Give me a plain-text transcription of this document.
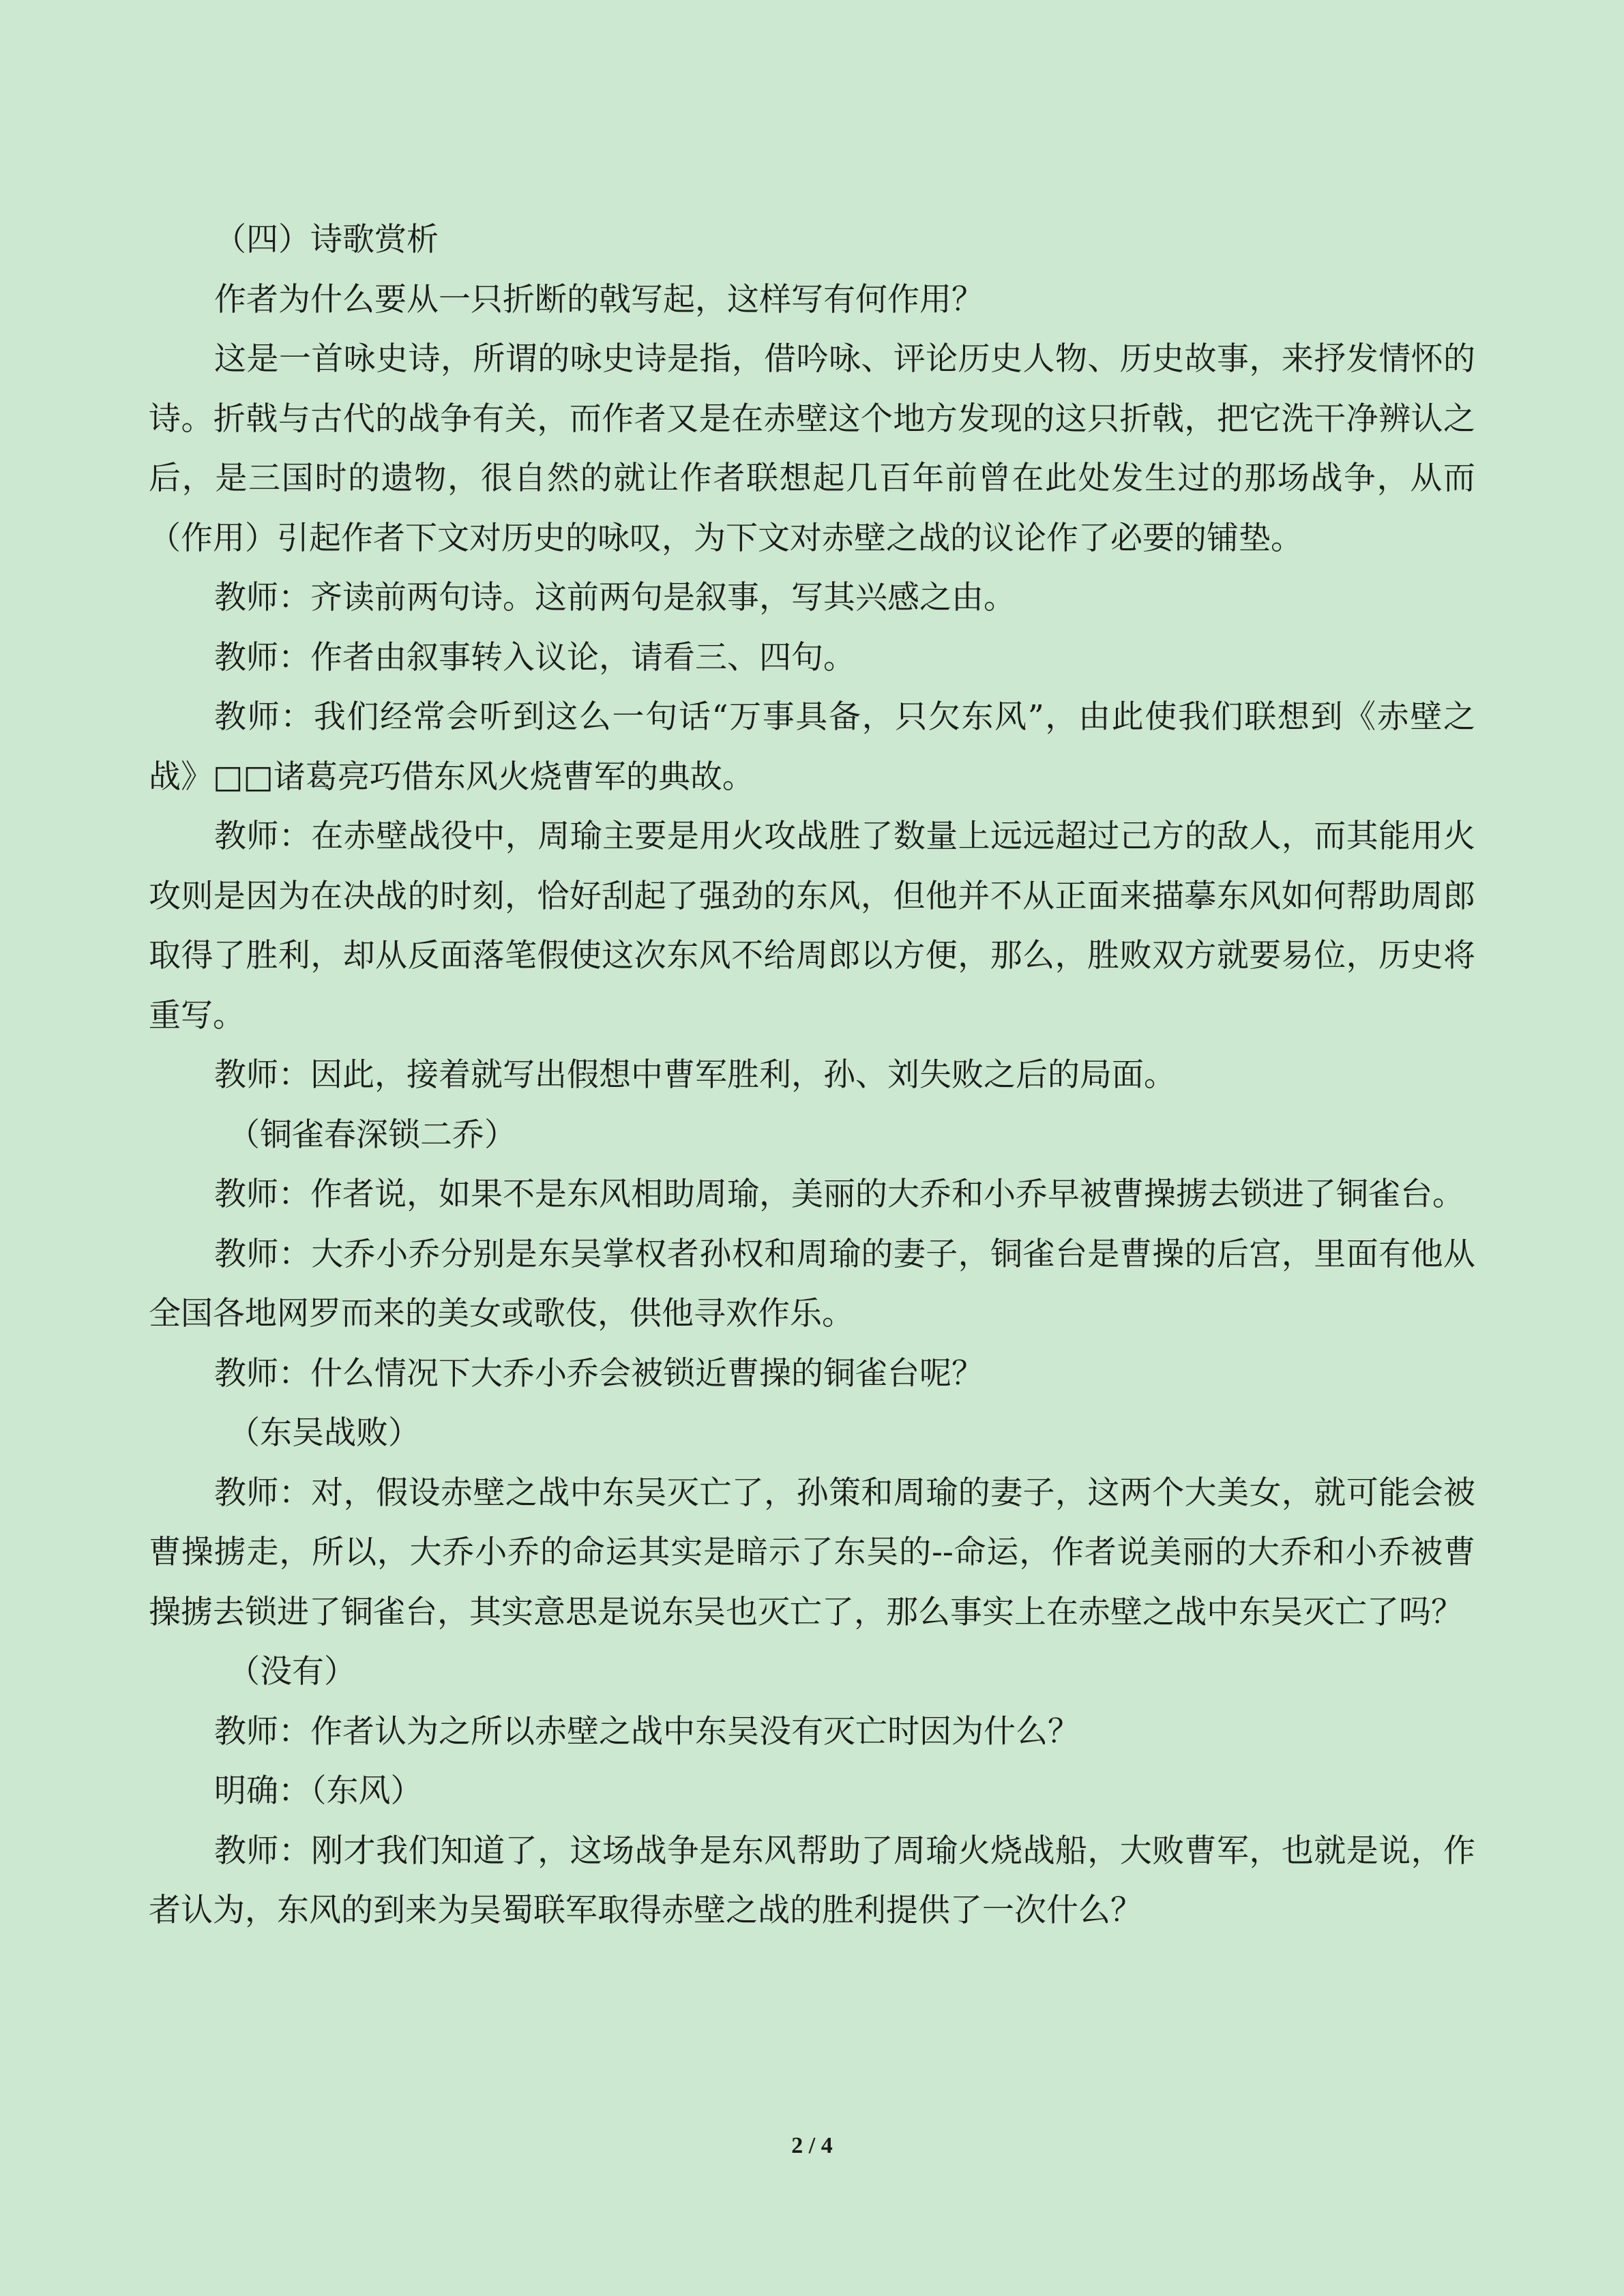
（四）诗歌赏析

作者为什么要从一只折断的戟写起，这样写有何作用？

这是一首咏史诗，所谓的咏史诗是指，借吟咏、评论历史人物、历史故事，来抒发情怀的诗。折戟与古代的战争有关，而作者又是在赤壁这个地方发现的这只折戟，把它洗干净辨认之后，是三国时的遗物，很自然的就让作者联想起几百年前曾在此处发生过的那场战争，从而（作用）引起作者下文对历史的咏叹，为下文对赤壁之战的议论作了必要的铺垫。

教师：齐读前两句诗。这前两句是叙事，写其兴感之由。

教师：作者由叙事转入议论，请看三、四句。

教师：我们经常会听到这么一句话“万事具备，只欠东风”，由此使我们联想到《赤壁之战》□□诸葛亮巧借东风火烧曹军的典故。

教师：在赤壁战役中，周瑜主要是用火攻战胜了数量上远远超过己方的敌人，而其能用火攻则是因为在决战的时刻，恰好刮起了强劲的东风，但他并不从正面来描摹东风如何帮助周郎取得了胜利，却从反面落笔假使这次东风不给周郎以方便，那么，胜败双方就要易位，历史将重写。

教师：因此，接着就写出假想中曹军胜利，孙、刘失败之后的局面。

（铜雀春深锁二乔）

教师：作者说，如果不是东风相助周瑜，美丽的大乔和小乔早被曹操掳去锁进了铜雀台。

教师：大乔小乔分别是东吴掌权者孙权和周瑜的妻子，铜雀台是曹操的后宫，里面有他从全国各地网罗而来的美女或歌伎，供他寻欢作乐。

教师：什么情况下大乔小乔会被锁近曹操的铜雀台呢？

（东吴战败）

教师：对，假设赤壁之战中东吴灭亡了，孙策和周瑜的妻子，这两个大美女，就可能会被曹操掳走，所以，大乔小乔的命运其实是暗示了东吴的--命运，作者说美丽的大乔和小乔被曹操掳去锁进了铜雀台，其实意思是说东吴也灭亡了，那么事实上在赤壁之战中东吴灭亡了吗？

（没有）

教师：作者认为之所以赤壁之战中东吴没有灭亡时因为什么？

明确：（东风）

教师：刚才我们知道了，这场战争是东风帮助了周瑜火烧战船，大败曹军，也就是说，作者认为，东风的到来为吴蜀联军取得赤壁之战的胜利提供了一次什么？

2 / 4
